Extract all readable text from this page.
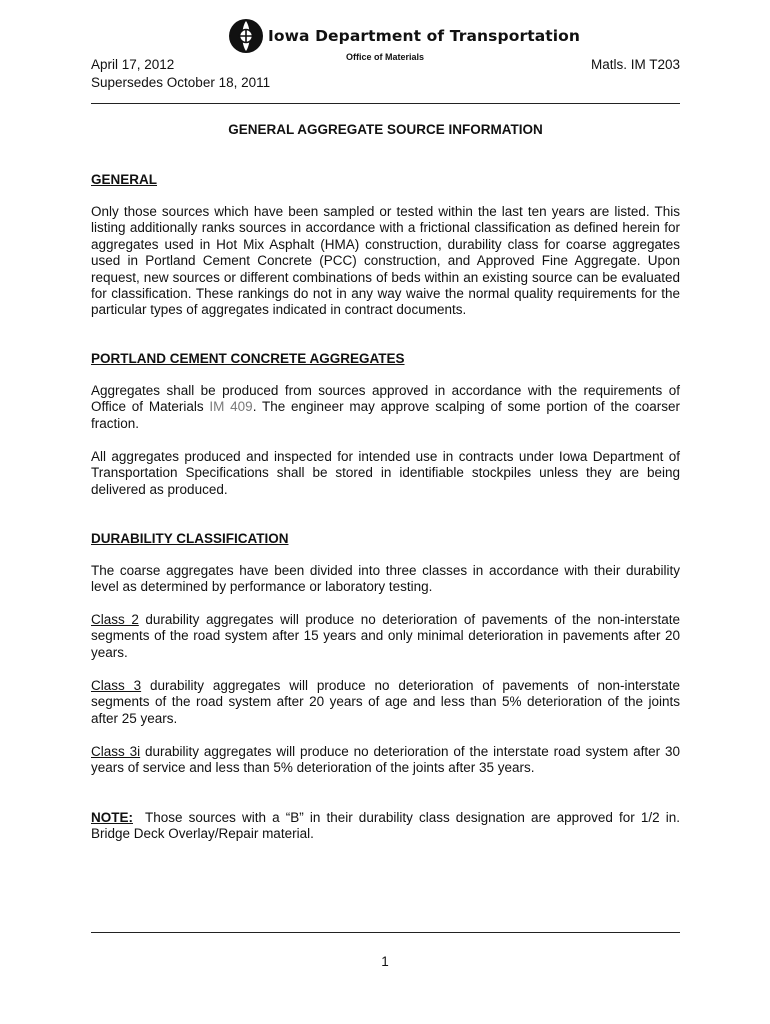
Iowa Department of Transportation
Office of Materials
April 17, 2012
Supersedes October 18, 2011
Matls. IM T203
GENERAL AGGREGATE SOURCE INFORMATION
GENERAL

Only those sources which have been sampled or tested within the last ten years are listed. This listing additionally ranks sources in accordance with a frictional classification as defined herein for aggregates used in Hot Mix Asphalt (HMA) construction, durability class for coarse aggregates used in Portland Cement Concrete (PCC) construction, and Approved Fine Aggregate. Upon request, new sources or different combinations of beds within an existing source can be evaluated for classification. These rankings do not in any way waive the normal quality requirements for the particular types of aggregates indicated in contract documents.

PORTLAND CEMENT CONCRETE AGGREGATES

Aggregates shall be produced from sources approved in accordance with the requirements of Office of Materials IM 409. The engineer may approve scalping of some portion of the coarser fraction.

All aggregates produced and inspected for intended use in contracts under Iowa Department of Transportation Specifications shall be stored in identifiable stockpiles unless they are being delivered as produced.

DURABILITY CLASSIFICATION

The coarse aggregates have been divided into three classes in accordance with their durability level as determined by performance or laboratory testing.

Class 2 durability aggregates will produce no deterioration of pavements of the non-interstate segments of the road system after 15 years and only minimal deterioration in pavements after 20 years.

Class 3 durability aggregates will produce no deterioration of pavements of non-interstate segments of the road system after 20 years of age and less than 5% deterioration of the joints after 25 years.

Class 3i durability aggregates will produce no deterioration of the interstate road system after 30 years of service and less than 5% deterioration of the joints after 35 years.

NOTE:  Those sources with a “B” in their durability class designation are approved for 1/2 in. Bridge Deck Overlay/Repair material.

1
